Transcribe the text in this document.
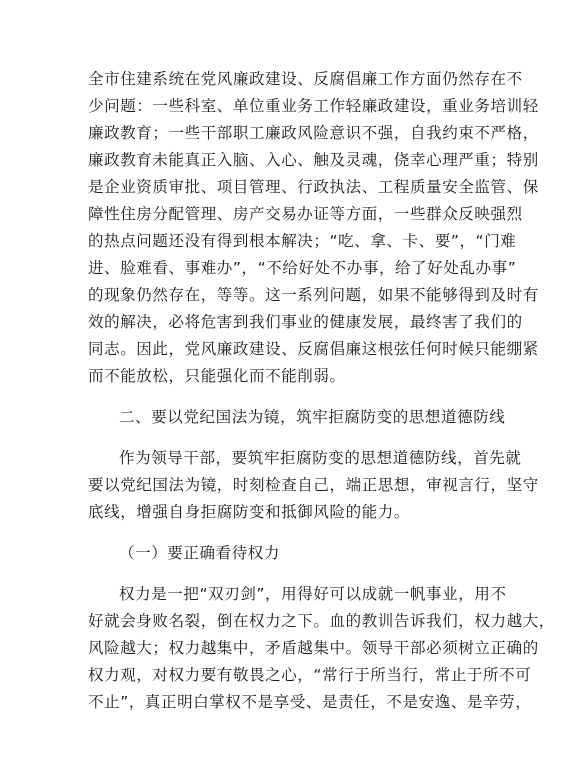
全市住建系统在党风廉政建设、反腐倡廉工作方面仍然存在不
少问题：一些科室、单位重业务工作轻廉政建设，重业务培训轻
廉政教育；一些干部职工廉政风险意识不强，自我约束不严格，
廉政教育未能真正入脑、入心、触及灵魂，侥幸心理严重；特别
是企业资质审批、项目管理、行政执法、工程质量安全监管、保
障性住房分配管理、房产交易办证等方面，一些群众反映强烈
的热点问题还没有得到根本解决；“吃、拿、卡、要”，“门难
进、脸难看、事难办”，“不给好处不办事，给了好处乱办事”
的现象仍然存在，等等。这一系列问题，如果不能够得到及时有
效的解决，必将危害到我们事业的健康发展，最终害了我们的
同志。因此，党风廉政建设、反腐倡廉这根弦任何时候只能绷紧
而不能放松，只能强化而不能削弱。

二、要以党纪国法为镜，筑牢拒腐防变的思想道德防线

作为领导干部，要筑牢拒腐防变的思想道德防线，首先就
要以党纪国法为镜，时刻检查自己，端正思想，审视言行，坚守
底线，增强自身拒腐防变和抵御风险的能力。

（一）要正确看待权力

权力是一把“双刃剑”，用得好可以成就一帆事业，用不
好就会身败名裂，倒在权力之下。血的教训告诉我们，权力越大，
风险越大；权力越集中，矛盾越集中。领导干部必须树立正确的
权力观，对权力要有敬畏之心，“常行于所当行，常止于所不可
不止”，真正明白掌权不是享受、是责任，不是安逸、是辛劳，
